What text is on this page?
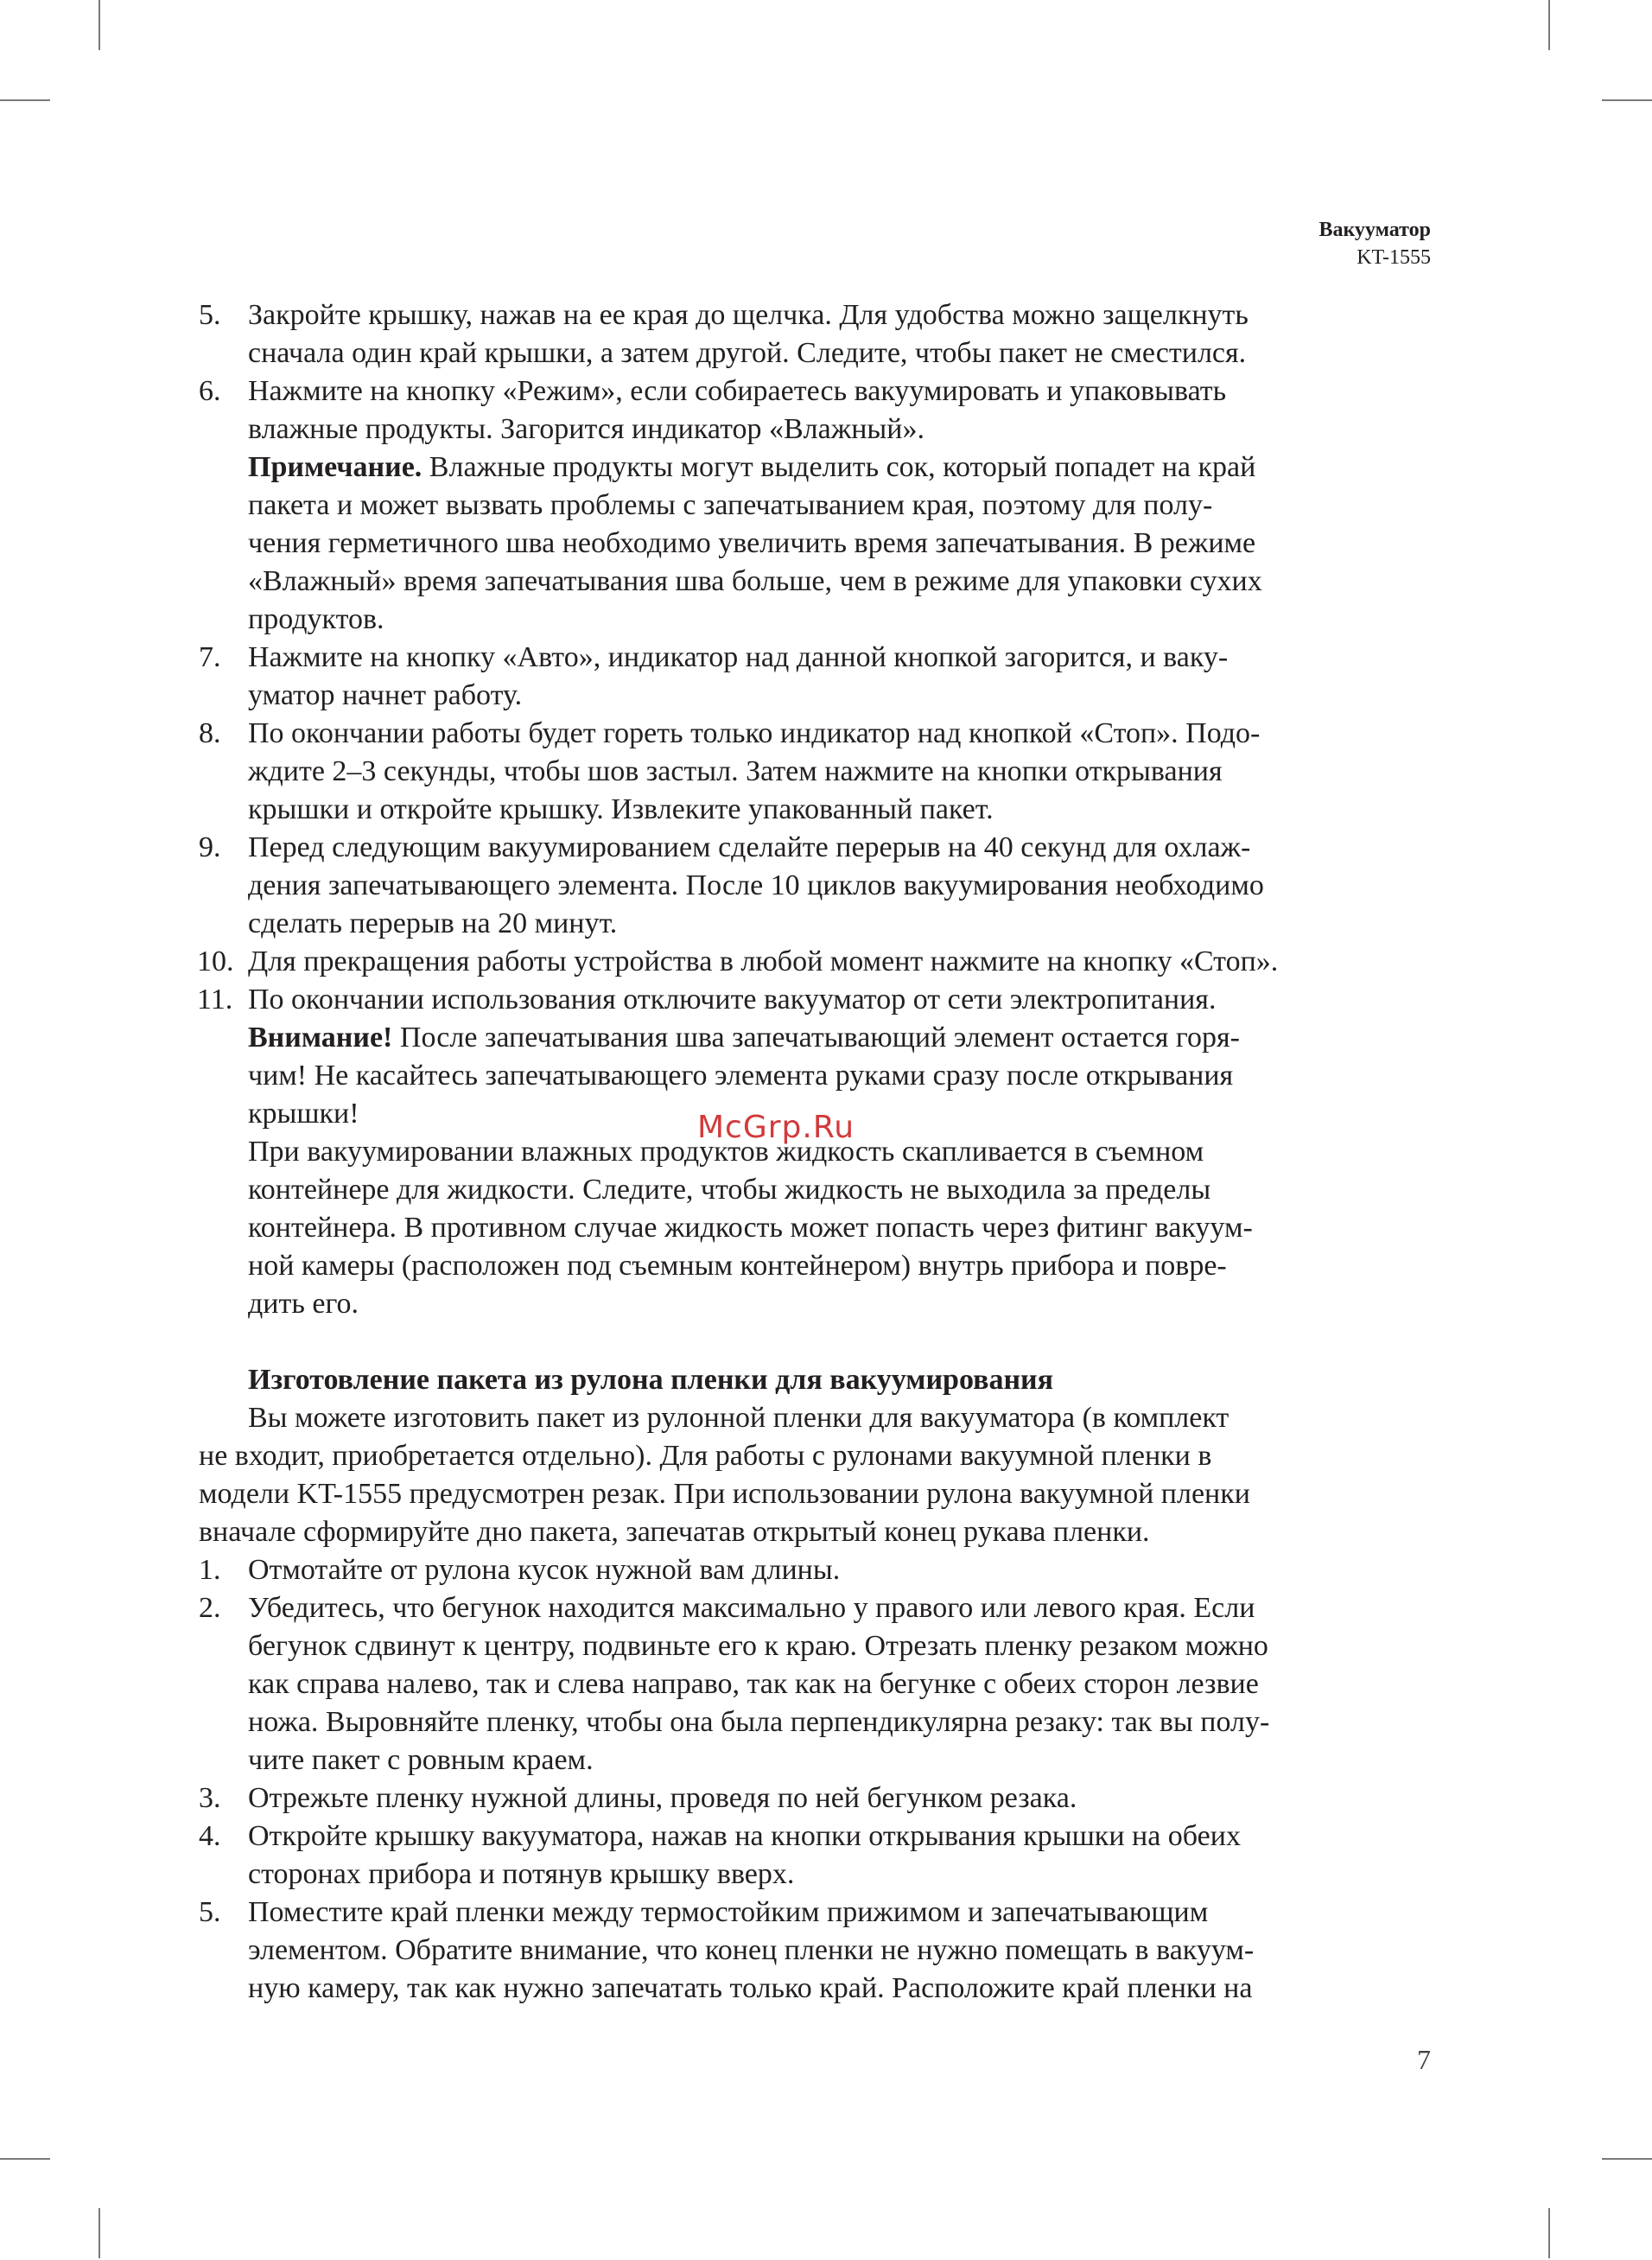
Вакууматор
KT-1555
5. Закройте крышку, нажав на ее края до щелчка. Для удобства можно защелкнуть
сначала один край крышки, а затем другой. Следите, чтобы пакет не сместился.
6. Нажмите на кнопку «Режим», если собираетесь вакуумировать и упаковывать
влажные продукты. Загорится индикатор «Влажный».
Примечание. Влажные продукты могут выделить сок, который попадет на край
пакета и может вызвать проблемы с запечатыванием края, поэтому для полу-
чения герметичного шва необходимо увеличить время запечатывания. В режиме
«Влажный» время запечатывания шва больше, чем в режиме для упаковки сухих
продуктов.
7. Нажмите на кнопку «Авто», индикатор над данной кнопкой загорится, и ваку-
уматор начнет работу.
8. По окончании работы будет гореть только индикатор над кнопкой «Стоп». Подо-
ждите 2–3 секунды, чтобы шов застыл. Затем нажмите на кнопки открывания
крышки и откройте крышку. Извлеките упакованный пакет.
9. Перед следующим вакуумированием сделайте перерыв на 40 секунд для охлаж-
дения запечатывающего элемента. После 10 циклов вакуумирования необходимо
сделать перерыв на 20 минут.
10. Для прекращения работы устройства в любой момент нажмите на кнопку «Стоп».
11. По окончании использования отключите вакууматор от сети электропитания.
Внимание! После запечатывания шва запечатывающий элемент остается горя-
чим! Не касайтесь запечатывающего элемента руками сразу после открывания
крышки!
При вакуумировании влажных продуктов жидкость скапливается в съемном
контейнере для жидкости. Следите, чтобы жидкость не выходила за пределы
контейнера. В противном случае жидкость может попасть через фитинг вакуум-
ной камеры (расположен под съемным контейнером) внутрь прибора и повре-
дить его.
Изготовление пакета из рулона пленки для вакуумирования
Вы можете изготовить пакет из рулонной пленки для вакууматора (в комплект
не входит, приобретается отдельно). Для работы с рулонами вакуумной пленки в
модели KT-1555 предусмотрен резак. При использовании рулона вакуумной пленки
вначале сформируйте дно пакета, запечатав открытый конец рукава пленки.
1. Отмотайте от рулона кусок нужной вам длины.
2. Убедитесь, что бегунок находится максимально у правого или левого края. Если
бегунок сдвинут к центру, подвиньте его к краю. Отрезать пленку резаком можно
как справа налево, так и слева направо, так как на бегунке с обеих сторон лезвие
ножа. Выровняйте пленку, чтобы она была перпендикулярна резаку: так вы полу-
чите пакет с ровным краем.
3. Отрежьте пленку нужной длины, проведя по ней бегунком резака.
4. Откройте крышку вакууматора, нажав на кнопки открывания крышки на обеих
сторонах прибора и потянув крышку вверх.
5. Поместите край пленки между термостойким прижимом и запечатывающим
элементом. Обратите внимание, что конец пленки не нужно помещать в вакуум-
ную камеру, так как нужно запечатать только край. Расположите край пленки на
McGrp.Ru
7
